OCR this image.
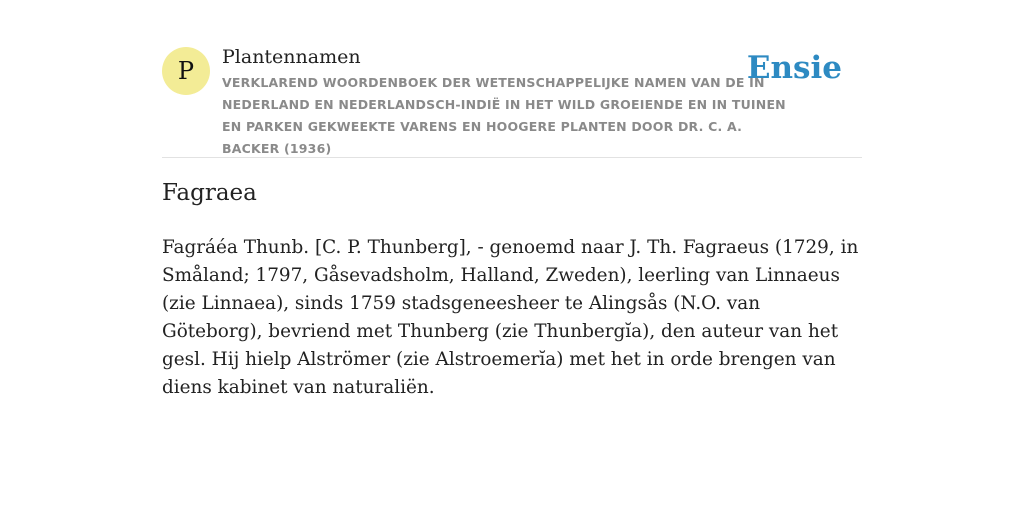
P	Plantennamen
VERKLAREND WOORDENBOEK DER WETENSCHAPPELIJKE NAMEN VAN DE IN NEDERLAND EN NEDERLANDSCH-INDIË IN HET WILD GROEIENDE EN IN TUINEN EN PARKEN GEKWEEKTE VARENS EN HOOGERE PLANTEN DOOR DR. C. A. BACKER (1936)
Ensie
Fagraea
Fagráéa Thunb. [C. P. Thunberg], - genoemd naar J. Th. Fagraeus (1729, in Småland; 1797, Gåsevadsholm, Halland, Zweden), leerling van Linnaeus (zie Linnaea), sinds 1759 stadsgeneesheer te Alingsås (N.O. van Göteborg), bevriend met Thunberg (zie Thunbergĭa), den auteur van het gesl. Hij hielp Alströmer (zie Alstroemerĭa) met het in orde brengen van diens kabinet van naturaliën.
